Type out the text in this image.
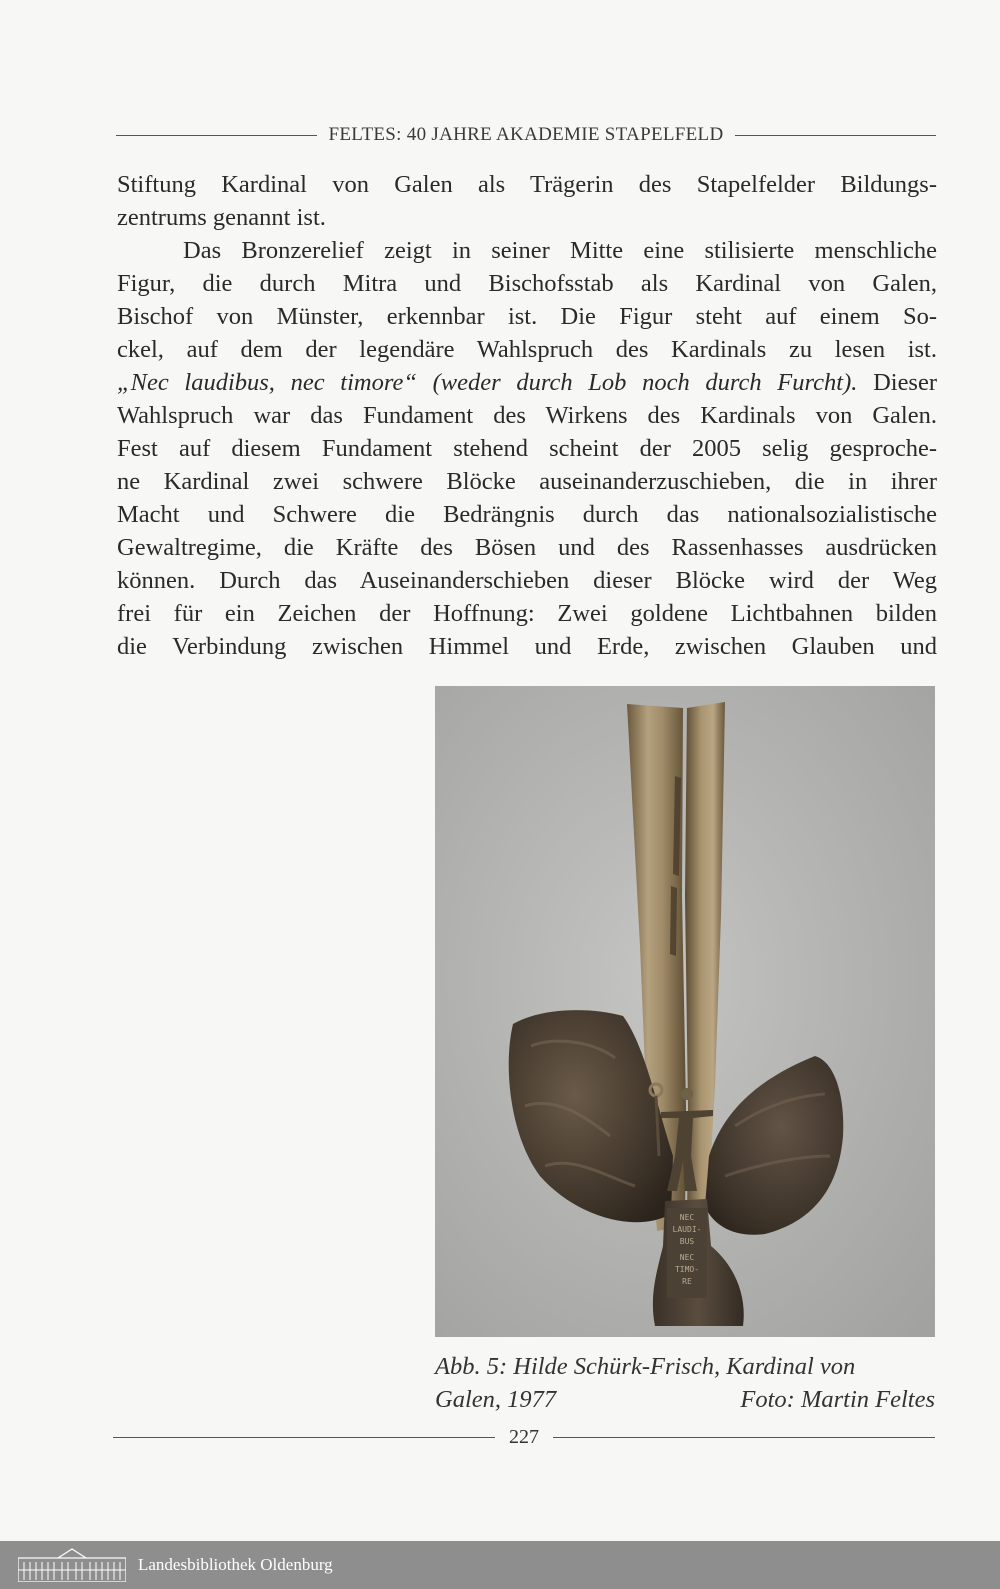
FELTES: 40 JAHRE AKADEMIE STAPELFELD
Stiftung Kardinal von Galen als Trägerin des Stapelfelder Bildungs-
zentrums genannt ist.
Das Bronzerelief zeigt in seiner Mitte eine stilisierte menschliche
Figur, die durch Mitra und Bischofsstab als Kardinal von Galen,
Bischof von Münster, erkennbar ist. Die Figur steht auf einem So-
ckel, auf dem der legendäre Wahlspruch des Kardinals zu lesen ist.
„Nec laudibus, nec timore“ (weder durch Lob noch durch Furcht). Dieser
Wahlspruch war das Fundament des Wirkens des Kardinals von Galen.
Fest auf diesem Fundament stehend scheint der 2005 selig gesproche-
ne Kardinal zwei schwere Blöcke auseinanderzuschieben, die in ihrer
Macht und Schwere die Bedrängnis durch das nationalsozialistische
Gewaltregime, die Kräfte des Bösen und des Rassenhasses ausdrücken
können. Durch das Auseinanderschieben dieser Blöcke wird der Weg
frei für ein Zeichen der Hoffnung: Zwei goldene Lichtbahnen bilden
die Verbindung zwischen Himmel und Erde, zwischen Glauben und
NEC
LAUDI-
BUS
NEC
TIMO-
RE
Abb. 5: Hilde Schürk-Frisch, Kardinal von
Galen, 1977	Foto: Martin Feltes
227
Landesbibliothek Oldenburg
